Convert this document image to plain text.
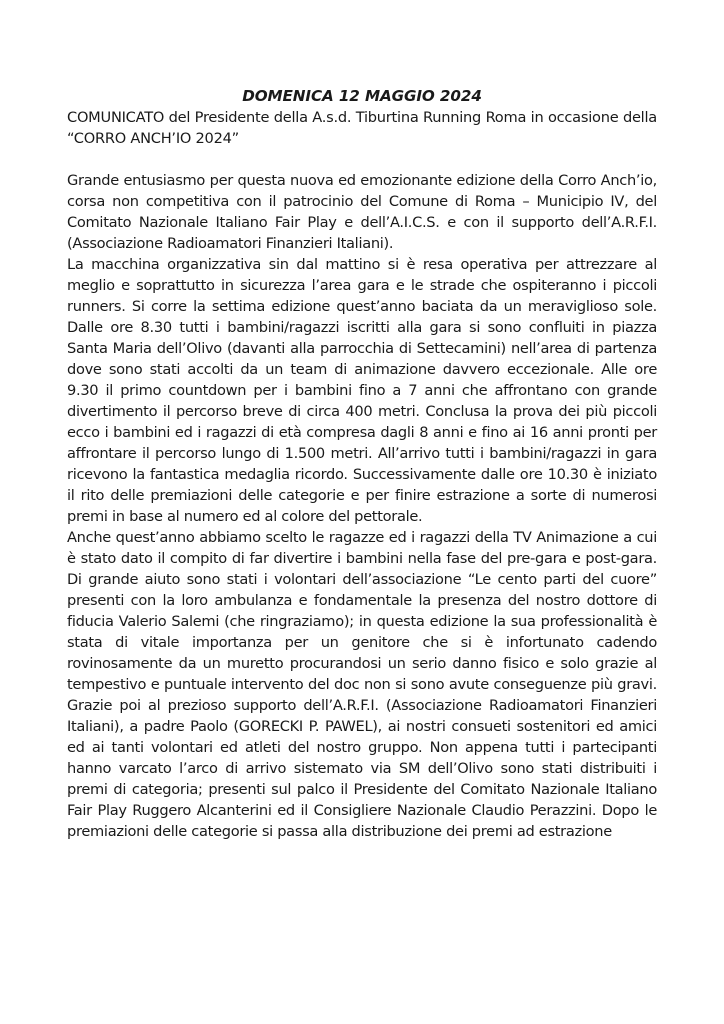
DOMENICA 12 MAGGIO 2024

COMUNICATO del Presidente della A.s.d. Tiburtina Running Roma in occasione della “CORRO ANCH’IO 2024”

Grande entusiasmo per questa nuova ed emozionante edizione della Corro Anch’io, corsa non competitiva con il patrocinio del Comune di Roma – Municipio IV, del Comitato Nazionale Italiano Fair Play e dell’A.I.C.S. e con il supporto dell’A.R.F.I. (Associazione Radioamatori Finanzieri Italiani).

La macchina organizzativa sin dal mattino si è resa operativa per attrezzare al meglio e soprattutto in sicurezza l’area gara e le strade che ospiteranno i piccoli runners. Si corre la settima edizione quest’anno baciata da un meraviglioso sole. Dalle ore 8.30 tutti i bambini/ragazzi iscritti alla gara si sono confluiti in piazza Santa Maria dell’Olivo (davanti alla parrocchia di Settecamini) nell’area di partenza dove sono stati accolti da un team di animazione davvero eccezionale. Alle ore 9.30 il primo countdown per i bambini fino a 7 anni che affrontano con grande divertimento il percorso breve di circa 400 metri. Conclusa la prova dei più piccoli ecco i bambini ed i ragazzi di età compresa dagli 8 anni e fino ai 16 anni pronti per affrontare il percorso lungo di 1.500 metri. All’arrivo tutti i bambini/ragazzi in gara ricevono la fantastica medaglia ricordo. Successivamente dalle ore 10.30 è iniziato il rito delle premiazioni delle categorie e per finire estrazione a sorte di numerosi premi in base al numero ed al colore del pettorale.

Anche quest’anno abbiamo scelto le ragazze ed i ragazzi della TV Animazione a cui è stato dato il compito di far divertire i bambini nella fase del pre-gara e post-gara. Di grande aiuto sono stati i volontari dell’associazione “Le cento parti del cuore” presenti con la loro ambulanza e fondamentale la presenza del nostro dottore di fiducia Valerio Salemi (che ringraziamo); in questa edizione la sua professionalità è stata di vitale importanza per un genitore che si è infortunato cadendo rovinosamente da un muretto procurandosi un serio danno fisico e solo grazie al tempestivo e puntuale intervento del doc non si sono avute conseguenze più gravi. Grazie poi al prezioso supporto dell’A.R.F.I. (Associazione Radioamatori Finanzieri Italiani), a padre Paolo (GORECKI P. PAWEL), ai nostri consueti sostenitori ed amici ed ai tanti volontari ed atleti del nostro gruppo. Non appena tutti i partecipanti hanno varcato l’arco di arrivo sistemato via SM dell’Olivo sono stati distribuiti i premi di categoria; presenti sul palco il Presidente del Comitato Nazionale Italiano Fair Play Ruggero Alcanterini ed il Consigliere Nazionale Claudio Perazzini. Dopo le premiazioni delle categorie si passa alla distribuzione dei premi ad estrazione
